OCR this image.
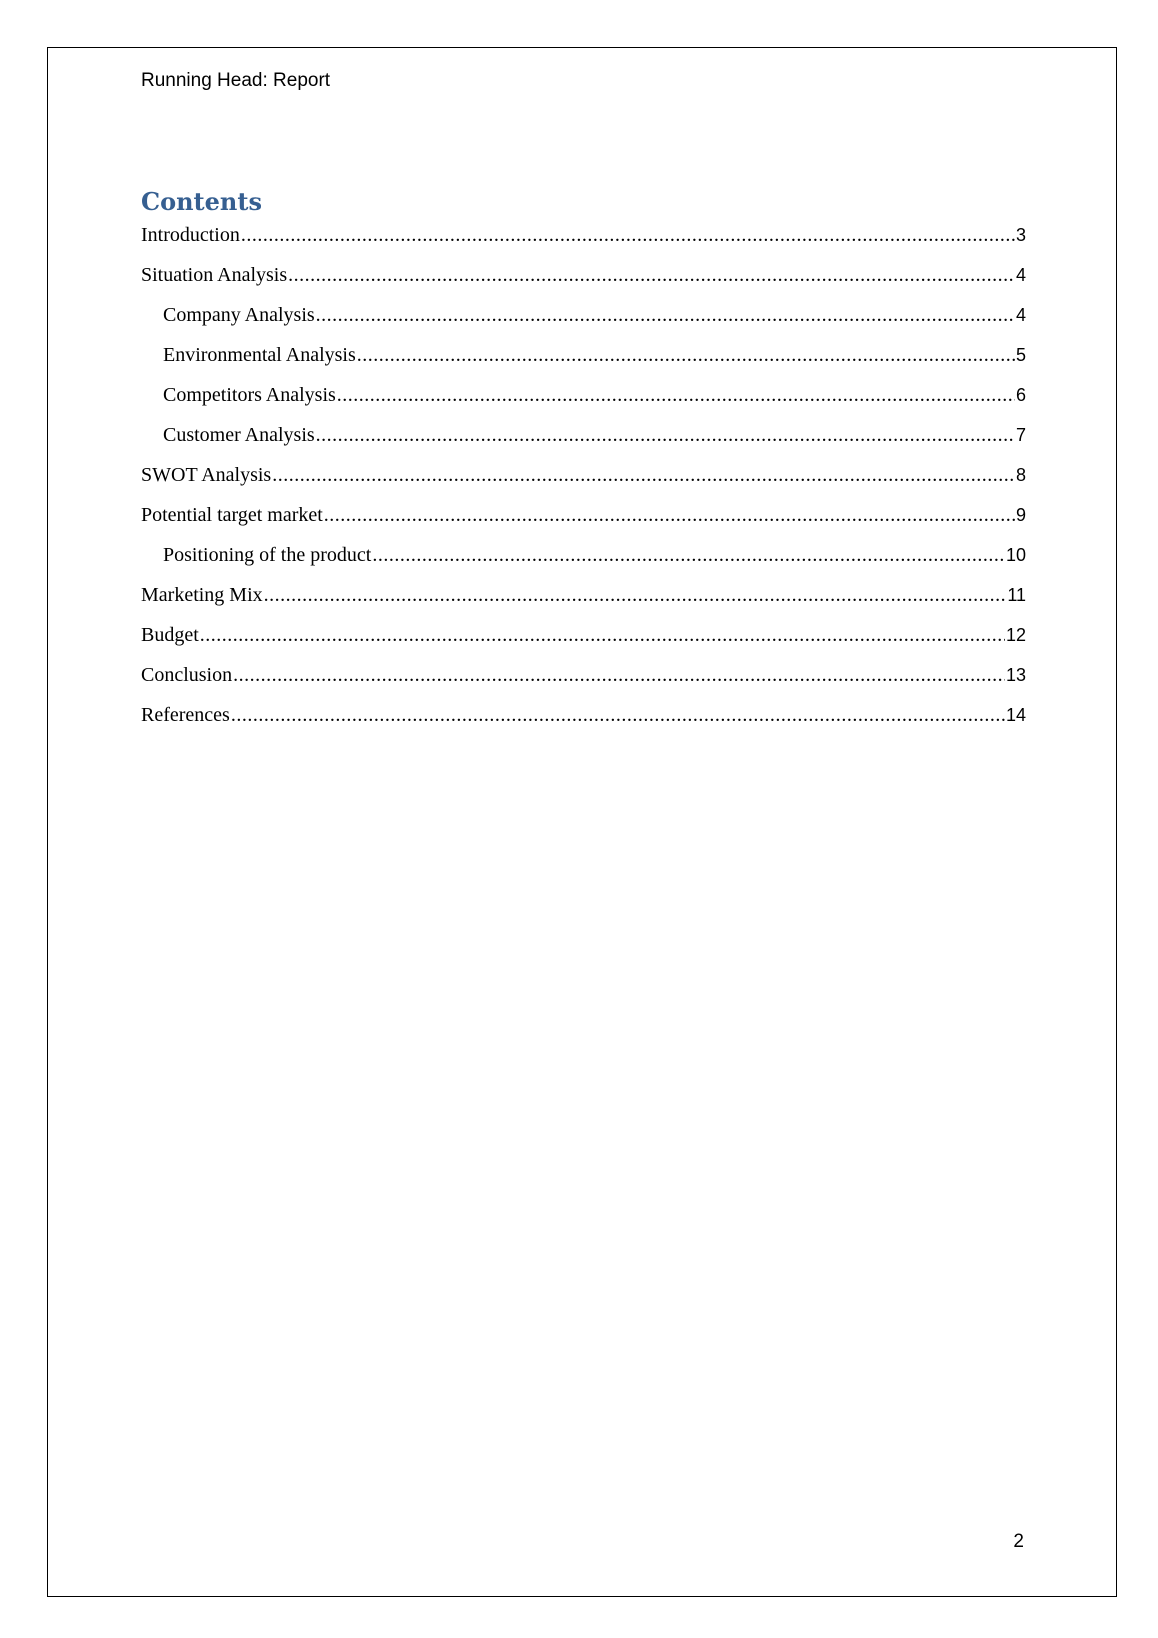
Running Head: Report
Contents
Introduction .....	3
Situation Analysis .....	4
Company Analysis .....	4
Environmental Analysis .....	5
Competitors Analysis .....	6
Customer Analysis .....	7
SWOT Analysis .....	8
Potential target market .....	9
Positioning of the product .....	10
Marketing Mix .....	11
Budget .....	12
Conclusion .....	13
References .....	14
2
